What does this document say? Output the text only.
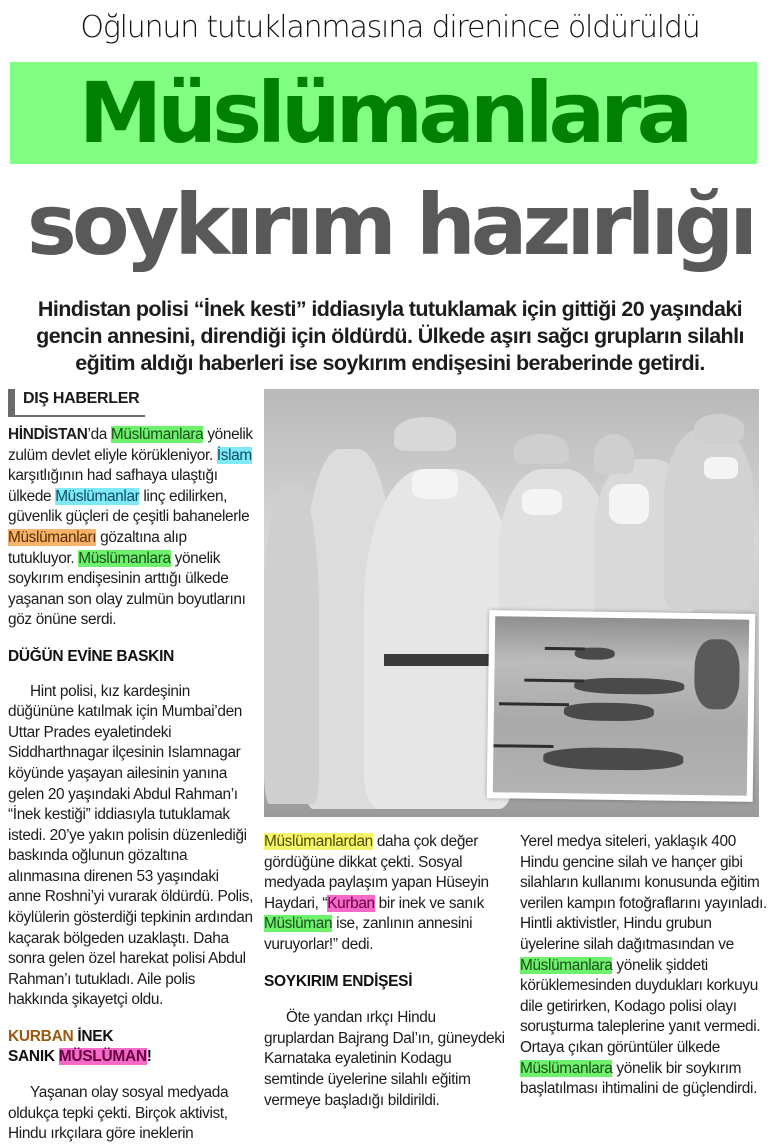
Oğlunun tutuklanmasına direnince öldürüldü
Müslümanlara
soykırım hazırlığı
Hindistan polisi “İnek kesti” iddiasıyla tutuklamak için gittiği 20 yaşındaki gencin annesini, direndiği için öldürdü. Ülkede aşırı sağcı grupların silahlı eğitim aldığı haberleri ise soykırım endişesini beraberinde getirdi.
DIŞ HABERLER

HİNDİSTAN’da Müslümanlara yönelik zulüm devlet eliyle körükleniyor. İslam karşıtlığının had safhaya ulaştığı ülkede Müslümanlar linç edilirken, güvenlik güçleri de çeşitli bahanelerle Müslümanları gözaltına alıp tutukluyor. Müslümanlara yönelik soykırım endişesinin arttığı ülkede yaşanan son olay zulmün boyutlarını göz önüne serdi.

DÜĞÜN EVİNE BASKIN

Hint polisi, kız kardeşinin düğününe katılmak için Mumbai’den Uttar Prades eyaletindeki Siddharthnagar ilçesinin Islamnagar köyünde yaşayan ailesinin yanına gelen 20 yaşındaki Abdul Rahman’ı “İnek kestiği” iddiasıyla tutuklamak istedi. 20’ye yakın polisin düzenlediği baskında oğlunun gözaltına alınmasına direnen 53 yaşındaki anne Roshni’yi vurarak öldürdü. Polis, köylülerin gösterdiği tepkinin ardından kaçarak bölgeden uzaklaştı. Daha sonra gelen özel harekat polisi Abdul Rahman’ı tutukladı. Aile polis hakkında şikayetçi oldu.

KURBAN İNEK
SANIK MÜSLÜMAN!

Yaşanan olay sosyal medyada oldukça tepki çekti. Birçok aktivist, Hindu ırkçılara göre ineklerin

Müslümanlardan daha çok değer gördüğüne dikkat çekti. Sosyal medyada paylaşım yapan Hüseyin Haydari, “Kurban bir inek ve sanık Müslüman ise, zanlının annesini vuruyorlar!” dedi.

SOYKIRIM ENDİŞESİ

Öte yandan ırkçı Hindu gruplardan Bajrang Dal’ın, güneydeki Karnataka eyaletinin Kodagu semtinde üyelerine silahlı eğitim vermeye başladığı bildirildi.

Yerel medya siteleri, yaklaşık 400 Hindu gencine silah ve hançer gibi silahların kullanımı konusunda eğitim verilen kampın fotoğraflarını yayınladı. Hintli aktivistler, Hindu grubun üyelerine silah dağıtmasından ve Müslümanlara yönelik şiddeti körüklemesinden duydukları korkuyu dile getirirken, Kodago polisi olayı soruşturma taleplerine yanıt vermedi. Ortaya çıkan görüntüler ülkede Müslümanlara yönelik bir soykırım başlatılması ihtimalini de güçlendirdi.
